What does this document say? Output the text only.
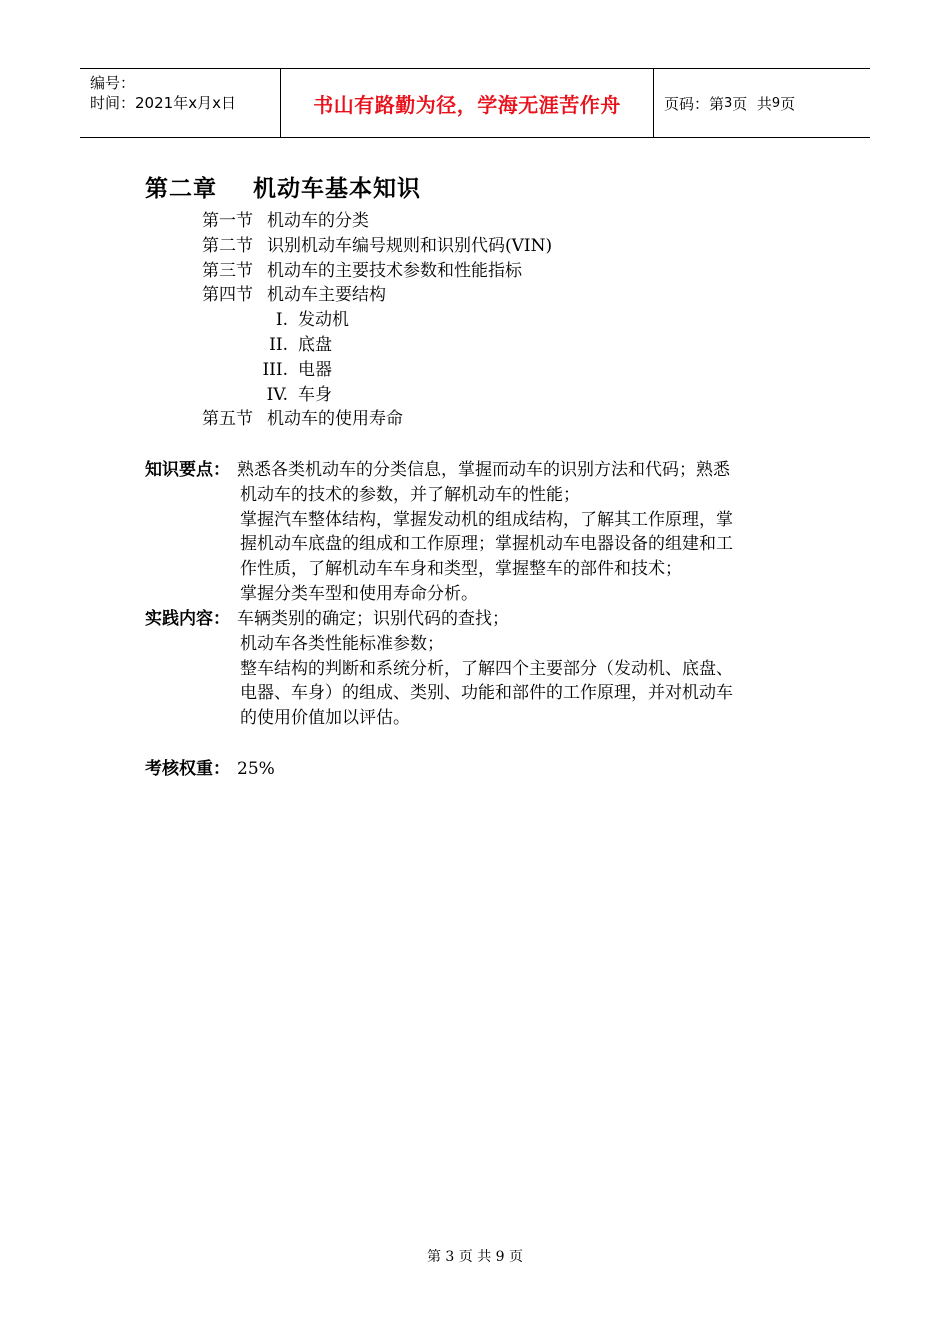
编号：
时间：2021年x月x日	书山有路勤为径，学海无涯苦作舟	页码：第 3 页  共 9 页
第二章    机动车基本知识
第一节 机动车的分类
第二节 识别机动车编号规则和识别代码(VIN)
第三节 机动车的主要技术参数和性能指标
第四节 机动车主要结构
I. 发动机
II. 底盘
III. 电器
IV. 车身
第五节 机动车的使用寿命
知识要点： 熟悉各类机动车的分类信息，掌握而动车的识别方法和代码；熟悉

机动车的技术的参数，并了解机动车的性能；

掌握汽车整体结构，掌握发动机的组成结构，了解其工作原理，掌

握机动车底盘的组成和工作原理；掌握机动车电器设备的组建和工

作性质，了解机动车车身和类型，掌握整车的部件和技术；

掌握分类车型和使用寿命分析。

实践内容： 车辆类别的确定；识别代码的查找；

机动车各类性能标准参数；

整车结构的判断和系统分析，了解四个主要部分（发动机、底盘、

电器、车身）的组成、类别、功能和部件的工作原理，并对机动车

的使用价值加以评估。

考核权重： 25%

第 3 页 共 9 页
